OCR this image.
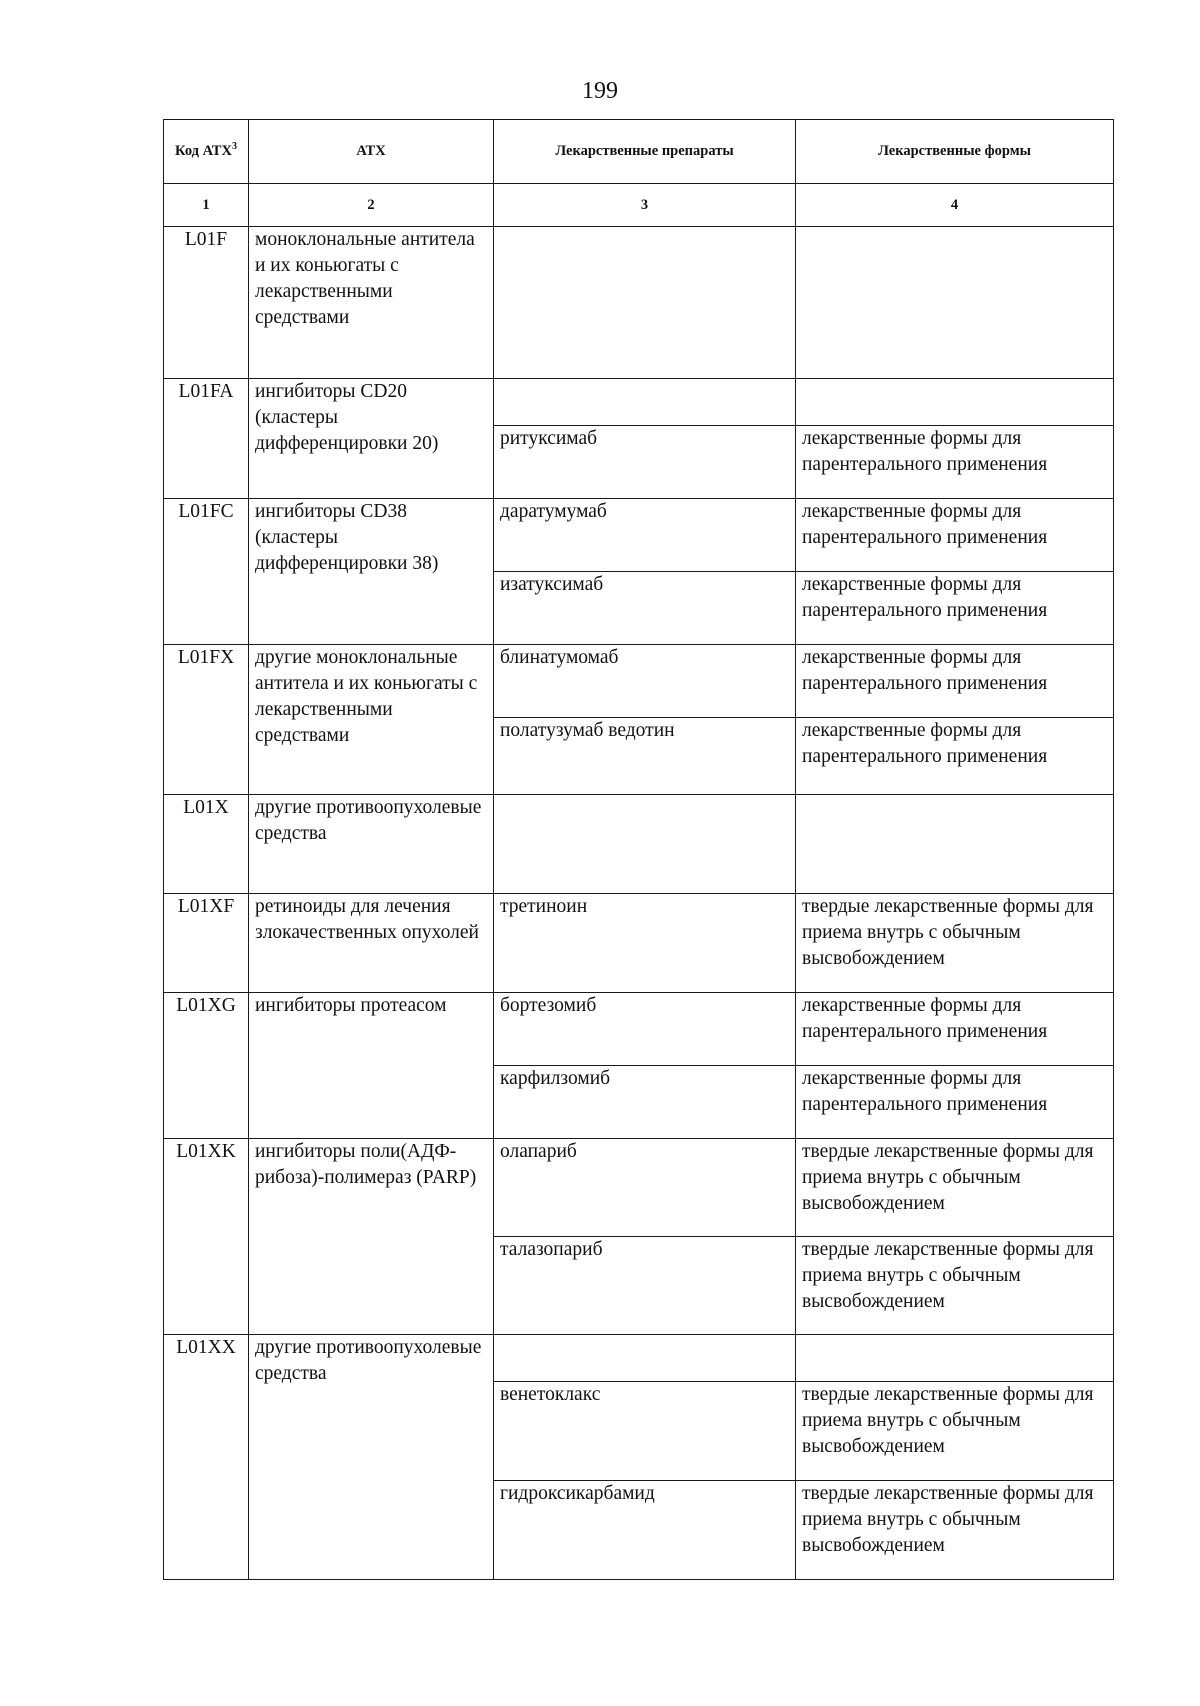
199
Код АТХ$^3$	АТХ	Лекарственные препараты	Лекарственные формы
1	2	3	4
L01F	моноклональные антитела и их коньюгаты с лекарственными средствами		
L01FA	ингибиторы CD20 (кластеры дифференцировки 20)		
		ритуксимаб	лекарственные формы для парентерального применения
L01FC	ингибиторы CD38 (кластеры дифференцировки 38)	даратумумаб	лекарственные формы для парентерального применения
		изатуксимаб	лекарственные формы для парентерального применения
L01FX	другие моноклональные антитела и их коньюгаты с лекарственными средствами	блинатумомаб	лекарственные формы для парентерального применения
		полатузумаб ведотин	лекарственные формы для парентерального применения
L01X	другие противоопухолевые средства		
L01XF	ретиноиды для лечения злокачественных опухолей	третиноин	твердые лекарственные формы для приема внутрь с обычным высвобождением
L01XG	ингибиторы протеасом	бортезомиб	лекарственные формы для парентерального применения
		карфилзомиб	лекарственные формы для парентерального применения
L01XK	ингибиторы поли(АДФ-рибоза)-полимераз (PARP)	олапариб	твердые лекарственные формы для приема внутрь с обычным высвобождением
		талазопариб	твердые лекарственные формы для приема внутрь с обычным высвобождением
L01XX	другие противоопухолевые средства		
		венетоклакс	твердые лекарственные формы для приема внутрь с обычным высвобождением
		гидроксикарбамид	твердые лекарственные формы для приема внутрь с обычным высвобождением
